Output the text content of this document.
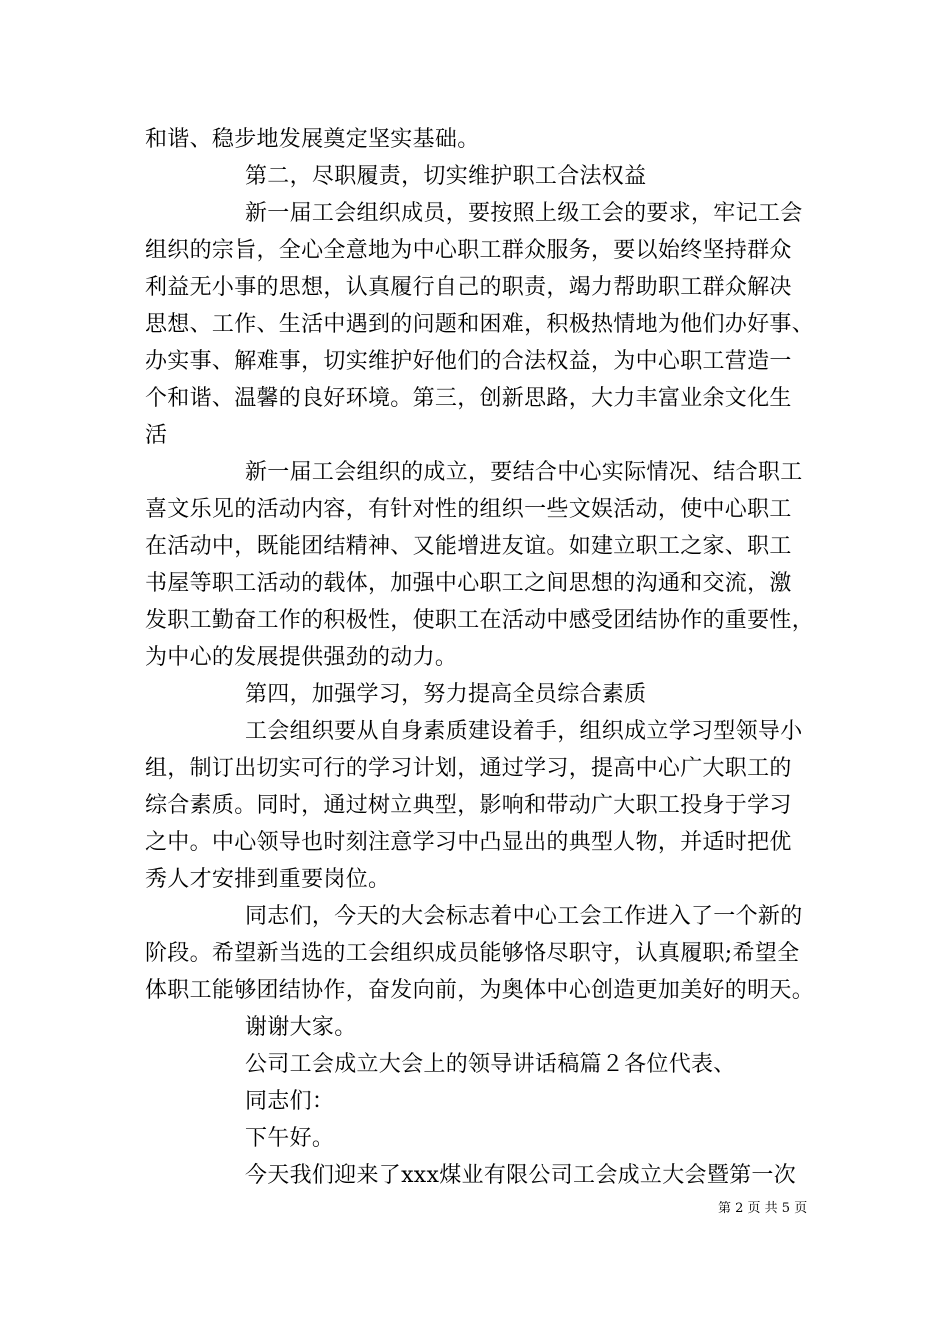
和谐、稳步地发展奠定坚实基础。
第二，尽职履责，切实维护职工合法权益
新一届工会组织成员，要按照上级工会的要求，牢记工会
组织的宗旨，全心全意地为中心职工群众服务，要以始终坚持群众
利益无小事的思想，认真履行自己的职责，竭力帮助职工群众解决
思想、工作、生活中遇到的问题和困难，积极热情地为他们办好事、
办实事、解难事，切实维护好他们的合法权益，为中心职工营造一
个和谐、温馨的良好环境。第三，创新思路，大力丰富业余文化生
活
新一届工会组织的成立，要结合中心实际情况、结合职工
喜文乐见的活动内容，有针对性的组织一些文娱活动，使中心职工
在活动中，既能团结精神、又能增进友谊。如建立职工之家、职工
书屋等职工活动的载体，加强中心职工之间思想的沟通和交流，激
发职工勤奋工作的积极性，使职工在活动中感受团结协作的重要性，
为中心的发展提供强劲的动力。
第四，加强学习，努力提高全员综合素质
工会组织要从自身素质建设着手，组织成立学习型领导小
组，制订出切实可行的学习计划，通过学习，提高中心广大职工的
综合素质。同时，通过树立典型，影响和带动广大职工投身于学习
之中。中心领导也时刻注意学习中凸显出的典型人物，并适时把优
秀人才安排到重要岗位。
同志们，今天的大会标志着中心工会工作进入了一个新的
阶段。希望新当选的工会组织成员能够恪尽职守，认真履职;希望全
体职工能够团结协作，奋发向前，为奥体中心创造更加美好的明天。
谢谢大家。
公司工会成立大会上的领导讲话稿篇２各位代表、
同志们：
下午好。
今天我们迎来了xxx煤业有限公司工会成立大会暨第一次
第 2 页 共 5 页
